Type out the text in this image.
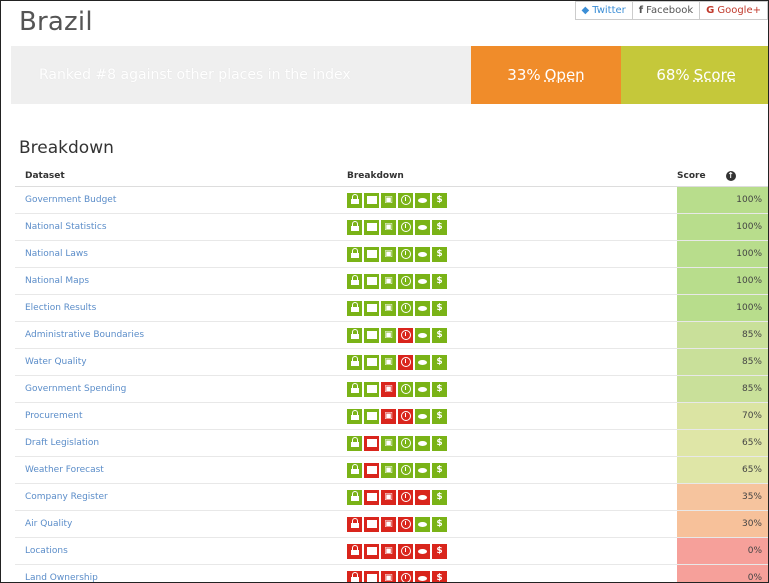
Brazil	◆ Twitter	f Facebook	G Google+
Ranked #8 against other places in the index	33% Open	68% Score
Breakdown
Dataset	Breakdown	Score ↑
Government Budget	▣ $	100%
National Statistics	▣ $	100%
National Laws	▣ $	100%
National Maps	▣ $	100%
Election Results	▣ $	100%
Administrative Boundaries	▣ $	85%
Water Quality	▣ $	85%
Government Spending	▣ $	85%
Procurement	▣ $	70%
Draft Legislation	▣ $	65%
Weather Forecast	▣ $	65%
Company Register	▣ $	35%
Air Quality	▣ $	30%
Locations	▣ $	0%
Land Ownership	▣ $	0%
